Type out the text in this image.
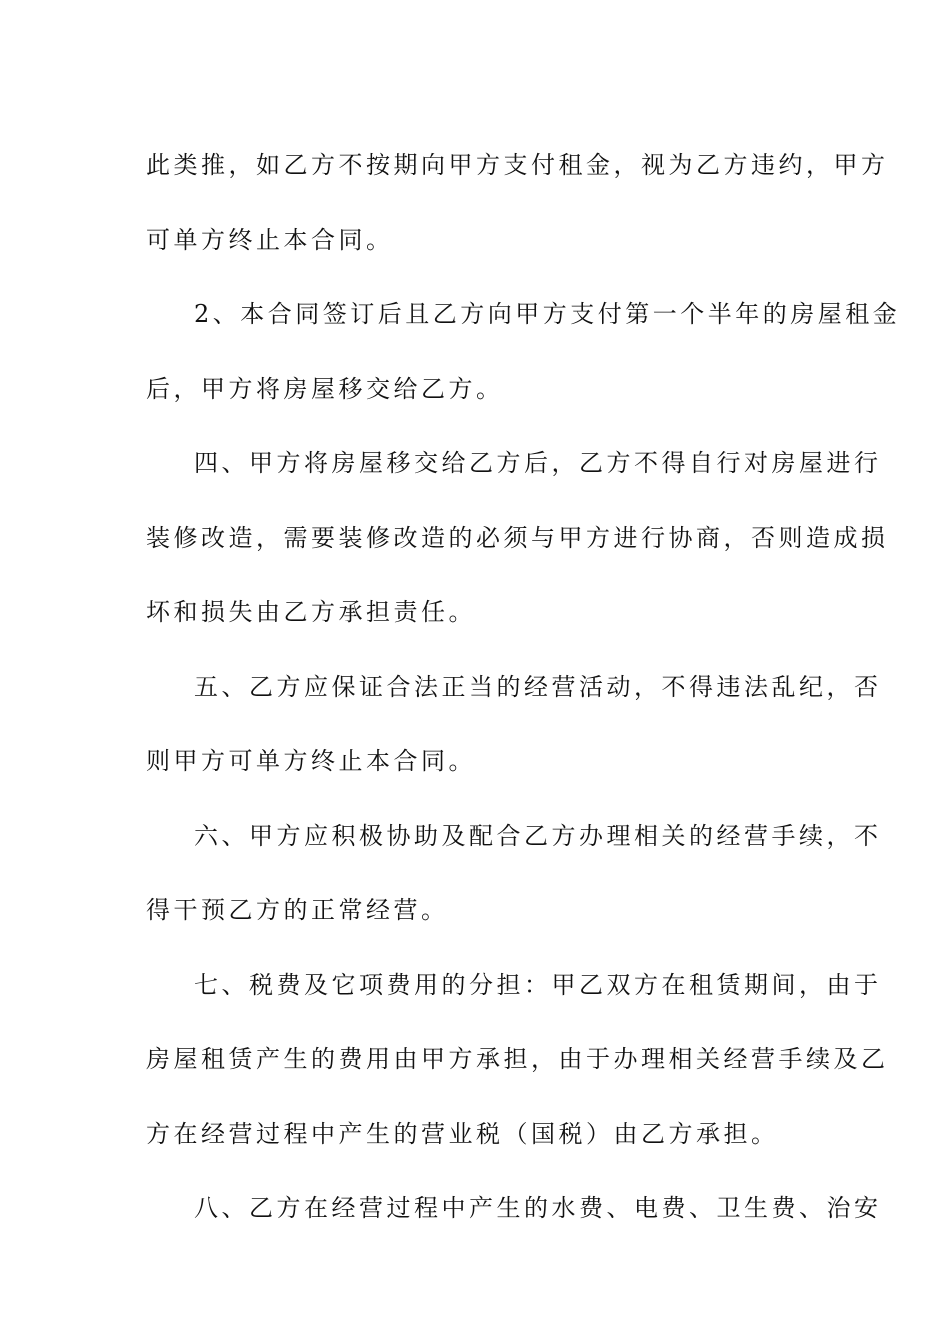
此类推，如乙方不按期向甲方支付租金，视为乙方违约，甲方
可单方终止本合同。
2、本合同签订后且乙方向甲方支付第一个半年的房屋租金
后，甲方将房屋移交给乙方。
四、甲方将房屋移交给乙方后，乙方不得自行对房屋进行
装修改造，需要装修改造的必须与甲方进行协商，否则造成损
坏和损失由乙方承担责任。
五、乙方应保证合法正当的经营活动，不得违法乱纪，否
则甲方可单方终止本合同。
六、甲方应积极协助及配合乙方办理相关的经营手续，不
得干预乙方的正常经营。
七、税费及它项费用的分担：甲乙双方在租赁期间，由于
房屋租赁产生的费用由甲方承担，由于办理相关经营手续及乙
方在经营过程中产生的营业税（国税）由乙方承担。
八、乙方在经营过程中产生的水费、电费、卫生费、治安
